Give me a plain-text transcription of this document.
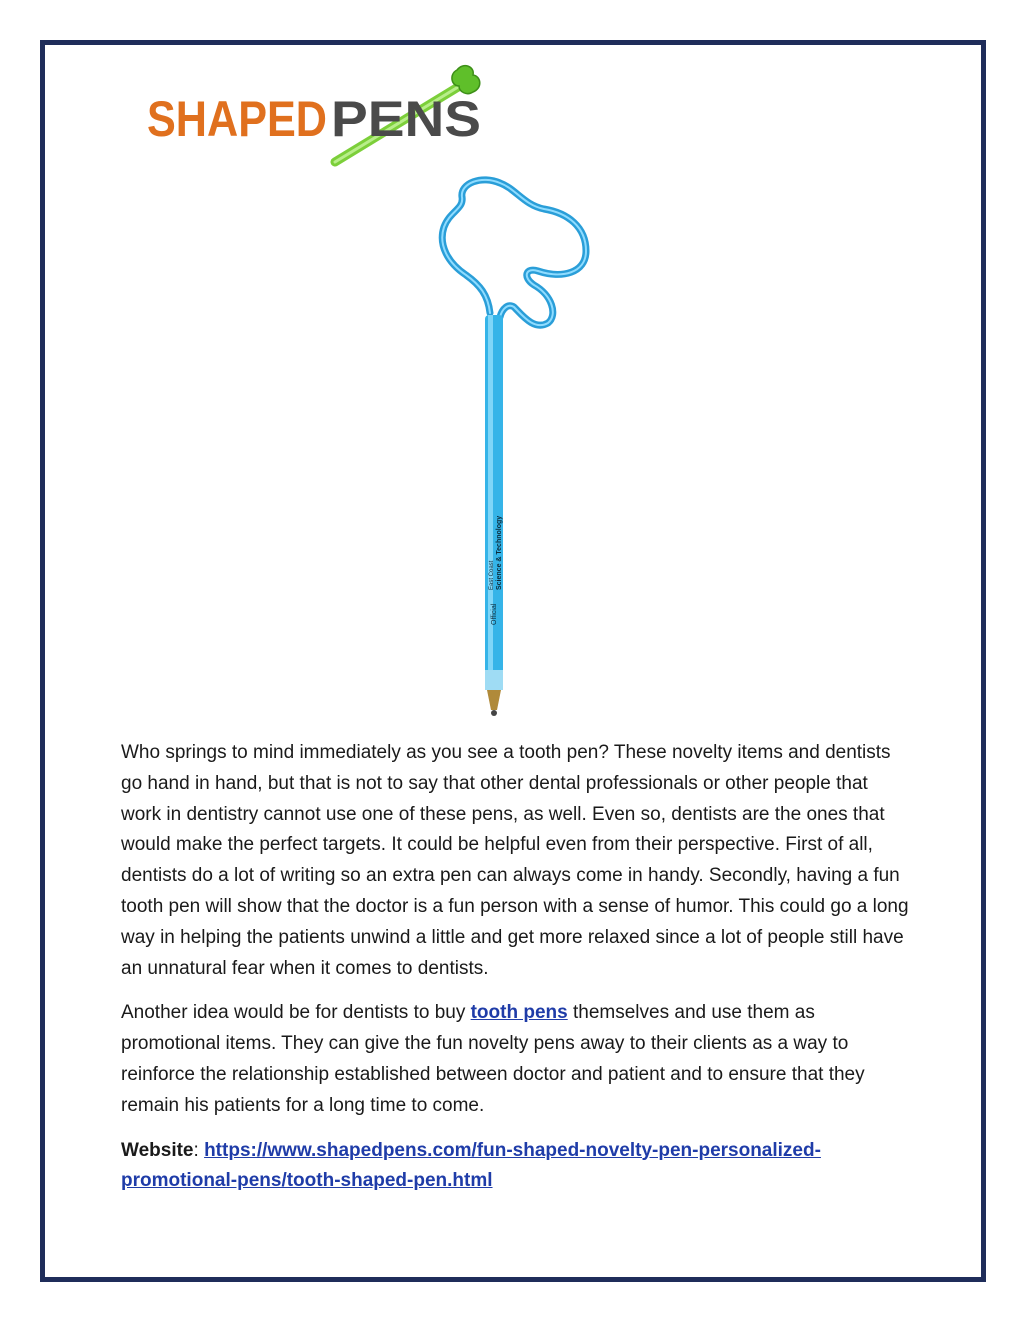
SHAPED PENS
Official
East Coast Science & Technology

Who springs to mind immediately as you see a tooth pen? These novelty items and dentists go hand in hand, but that is not to say that other dental professionals or other people that work in dentistry cannot use one of these pens, as well. Even so, dentists are the ones that would make the perfect targets. It could be helpful even from their perspective. First of all, dentists do a lot of writing so an extra pen can always come in handy. Secondly, having a fun tooth pen will show that the doctor is a fun person with a sense of humor. This could go a long way in helping the patients unwind a little and get more relaxed since a lot of people still have an unnatural fear when it comes to dentists.

Another idea would be for dentists to buy tooth pens themselves and use them as promotional items. They can give the fun novelty pens away to their clients as a way to reinforce the relationship established between doctor and patient and to ensure that they remain his patients for a long time to come.

Website: https://www.shapedpens.com/fun-shaped-novelty-pen-personalized-promotional-pens/tooth-shaped-pen.html
